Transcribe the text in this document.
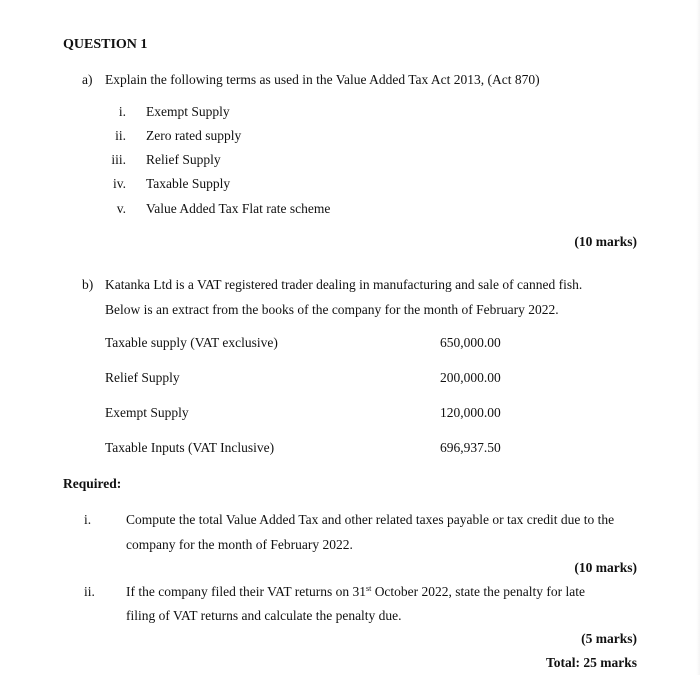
QUESTION 1
a) Explain the following terms as used in the Value Added Tax Act 2013, (Act 870)
i. Exempt Supply
ii. Zero rated supply
iii. Relief Supply
iv. Taxable Supply
v. Value Added Tax Flat rate scheme
(10 marks)
b) Katanka Ltd is a VAT registered trader dealing in manufacturing and sale of canned fish.
Below is an extract from the books of the company for the month of February 2022.
Taxable supply (VAT exclusive)	650,000.00
Relief Supply	200,000.00
Exempt Supply	120,000.00
Taxable Inputs (VAT Inclusive)	696,937.50
Required:
i.	Compute the total Value Added Tax and other related taxes payable or tax credit due to the
company for the month of February 2022.
(10 marks)
ii. If the company filed their VAT returns on 31st October 2022, state the penalty for late
filing of VAT returns and calculate the penalty due.
(5 marks)
Total: 25 marks
